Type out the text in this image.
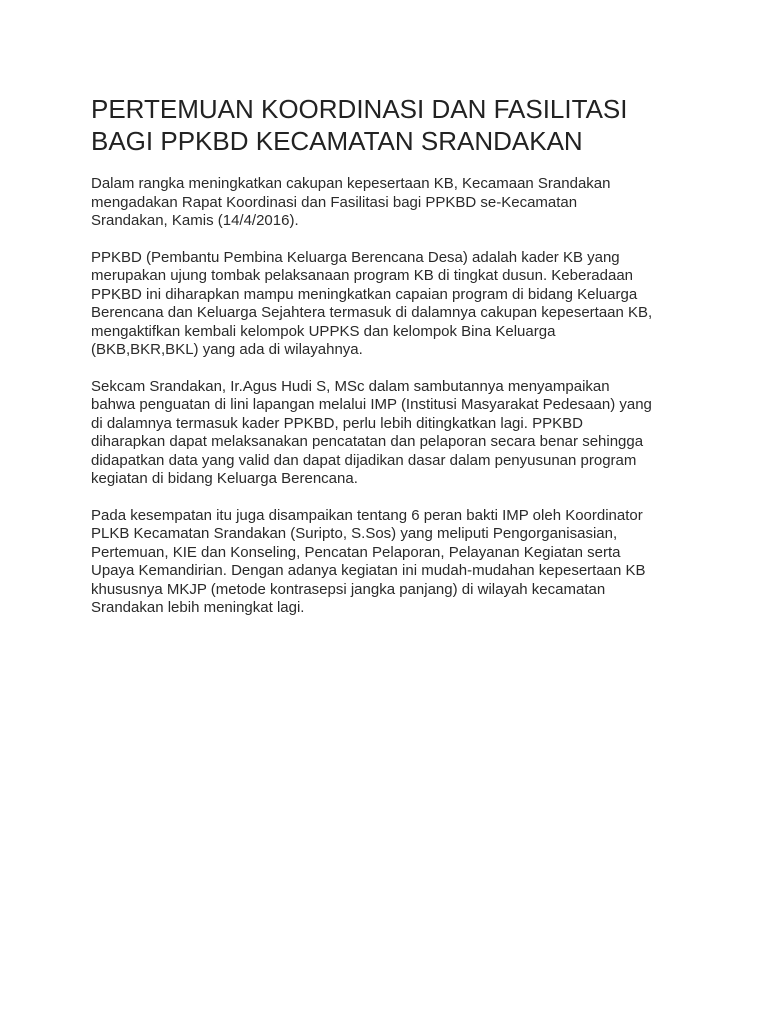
PERTEMUAN KOORDINASI DAN FASILITASI
BAGI PPKBD KECAMATAN SRANDAKAN

Dalam rangka meningkatkan cakupan kepesertaan KB, Kecamaan Srandakan
mengadakan Rapat Koordinasi dan Fasilitasi bagi PPKBD se-Kecamatan
Srandakan, Kamis (14/4/2016).

PPKBD (Pembantu Pembina Keluarga Berencana Desa) adalah kader KB yang
merupakan ujung tombak pelaksanaan program KB di tingkat dusun. Keberadaan
PPKBD ini diharapkan mampu meningkatkan capaian program di bidang Keluarga
Berencana dan Keluarga Sejahtera termasuk di dalamnya cakupan kepesertaan KB,
mengaktifkan kembali kelompok UPPKS dan kelompok Bina Keluarga
(BKB,BKR,BKL) yang ada di wilayahnya.

Sekcam Srandakan, Ir.Agus Hudi S, MSc dalam sambutannya menyampaikan
bahwa penguatan di lini lapangan melalui IMP (Institusi Masyarakat Pedesaan) yang
di dalamnya termasuk kader PPKBD, perlu lebih ditingkatkan lagi. PPKBD
diharapkan dapat melaksanakan pencatatan dan pelaporan secara benar sehingga
didapatkan data yang valid dan dapat dijadikan dasar dalam penyusunan program
kegiatan di bidang Keluarga Berencana.

Pada kesempatan itu juga disampaikan tentang 6 peran bakti IMP oleh Koordinator
PLKB Kecamatan Srandakan (Suripto, S.Sos) yang meliputi Pengorganisasian,
Pertemuan, KIE dan Konseling, Pencatan Pelaporan, Pelayanan Kegiatan serta
Upaya Kemandirian. Dengan adanya kegiatan ini mudah-mudahan kepesertaan KB
khususnya MKJP (metode kontrasepsi jangka panjang) di wilayah kecamatan
Srandakan lebih meningkat lagi.
